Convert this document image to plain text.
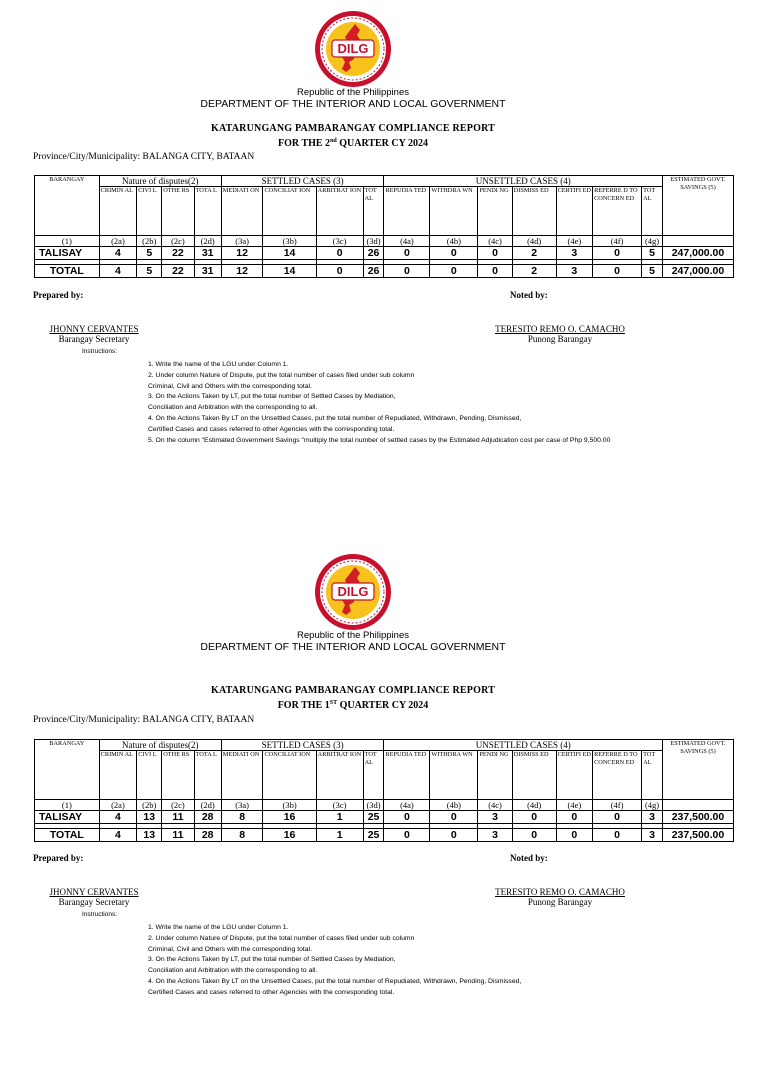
DILG
Republic of the Philippines
DEPARTMENT OF THE INTERIOR AND LOCAL GOVERNMENT
KATARUNGANG PAMBARANGAY COMPLIANCE REPORT
FOR THE 2nd QUARTER CY 2024
Province/City/Municipality: BALANGA CITY, BATAAN
BARANGAY	Nature of disputes(2)				SETTLED CASES (3)				UNSETTLED CASES (4)							ESTIMATED GOVT. SAVINGS (5)
	CRIMIN AL	CIVI L	OTHE RS	TOTA L	MEDIATI ON	CONCILIAT ION	ARBITRAT ION	TOT AL	REPUDIA TED	WITHDRA WN	PENDI NG	DISMISS ED	CERTIFI ED	REFERRE D TO CONCERN ED	TOT AL	
(1)	(2a)	(2b)	(2c)	(2d)	(3a)	(3b)	(3c)	(3d)	(4a)	(4b)	(4c)	(4d)	(4e)	(4f)	(4g)	
TALISAY	4	5	22	31	12	14	0	26	0	0	0	2	3	0	5	247,000.00

TOTAL	4	5	22	31	12	14	0	26	0	0	0	2	3	0	5	247,000.00
Prepared by:	Noted by:
JHONNY CERVANTES
Barangay Secretary
TERESITO REMO O. CAMACHO
Punong Barangay
Instructions:
1. Write the name of the LGU under Column 1.
2. Under column Nature of Dispute, put the total number of cases filed under sub column
Criminal, Civil and Others with the corresponding total.
3. On the Actions Taken by LT, put the total number of Settled Cases by Mediation,
Conciliation and Arbitration with the corresponding to all.
4. On the Actions Taken By LT on the Unsettled Cases, put the total number of Repudiated, Withdrawn, Pending, Dismissed,
Certified Cases and cases referred to other Agencies with the corresponding total.
5. On the column "Estimated Government Savings "multiply the total number of settled cases by the Estimated Adjudication cost per case of Php 9,500.00
DILG
Republic of the Philippines
DEPARTMENT OF THE INTERIOR AND LOCAL GOVERNMENT
KATARUNGANG PAMBARANGAY COMPLIANCE REPORT
FOR THE 1ST QUARTER CY 2024
Province/City/Municipality: BALANGA CITY, BATAAN
BARANGAY	Nature of disputes(2)				SETTLED CASES (3)				UNSETTLED CASES (4)							ESTIMATED GOVT. SAVINGS (5)
	CRIMIN AL	CIVI L	OTHE RS	TOTA L	MEDIATI ON	CONCILIAT ION	ARBITRAT ION	TOT AL	REPUDIA TED	WITHDRA WN	PENDI NG	DISMISS ED	CERTIFI ED	REFERRE D TO CONCERN ED	TOT AL	
(1)	(2a)	(2b)	(2c)	(2d)	(3a)	(3b)	(3c)	(3d)	(4a)	(4b)	(4c)	(4d)	(4e)	(4f)	(4g)	
TALISAY	4	13	11	28	8	16	1	25	0	0	3	0	0	0	3	237,500.00

TOTAL	4	13	11	28	8	16	1	25	0	0	3	0	0	0	3	237,500.00
Prepared by:	Noted by:
JHONNY CERVANTES
Barangay Secretary
TERESITO REMO O. CAMACHO
Punong Barangay
Instructions:
1. Write the name of the LGU under Column 1.
2. Under column Nature of Dispute, put the total number of cases filed under sub column
Criminal, Civil and Others with the corresponding total.
3. On the Actions Taken by LT, put the total number of Settled Cases by Mediation,
Conciliation and Arbitration with the corresponding to all.
4. On the Actions Taken By LT on the Unsettled Cases, put the total number of Repudiated, Withdrawn, Pending, Dismissed,
Certified Cases and cases referred to other Agencies with the corresponding total.
